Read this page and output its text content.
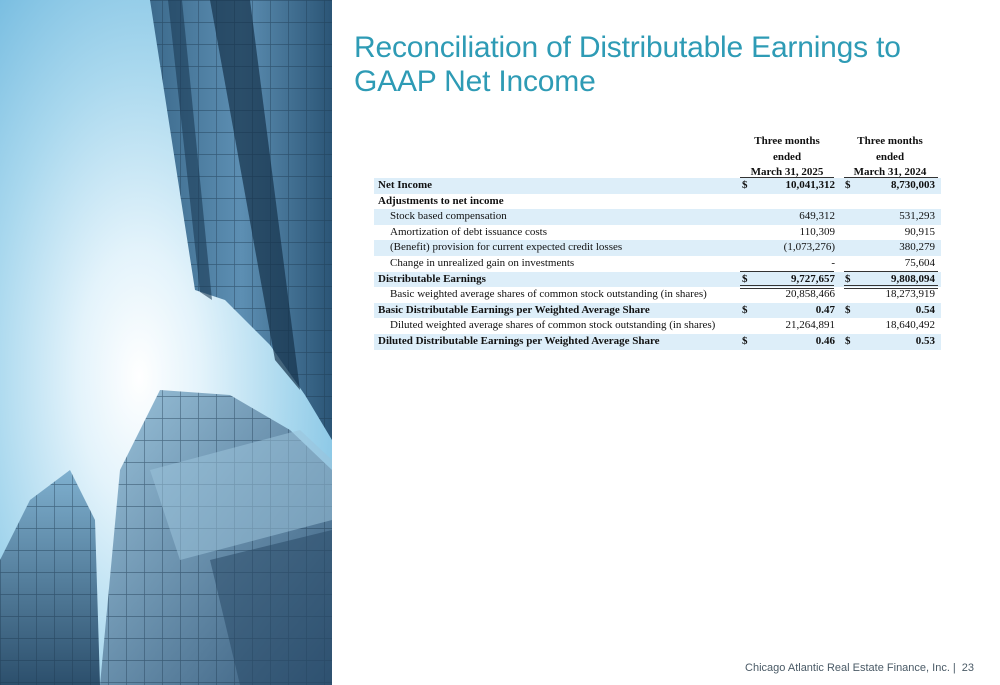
Reconciliation of Distributable Earnings to GAAP Net Income
Three months
ended
March 31, 2025
Three months
ended
March 31, 2024
Net Income	$	10,041,312 $	8,730,003
Adjustments to net income
Stock based compensation	649,312	531,293
Amortization of debt issuance costs	110,309	90,915
(Benefit) provision for current expected credit losses	(1,073,276)	380,279
Change in unrealized gain on investments	-	75,604
Distributable Earnings	$	9,727,657 $	9,808,094
Basic weighted average shares of common stock outstanding (in shares)	20,858,466	18,273,919
Basic Distributable Earnings per Weighted Average Share	$	0.47 $	0.54
Diluted weighted average shares of common stock outstanding (in shares)	21,264,891	18,640,492
Diluted Distributable Earnings per Weighted Average Share	$	0.46 $	0.53
Chicago Atlantic Real Estate Finance, Inc. | 23
